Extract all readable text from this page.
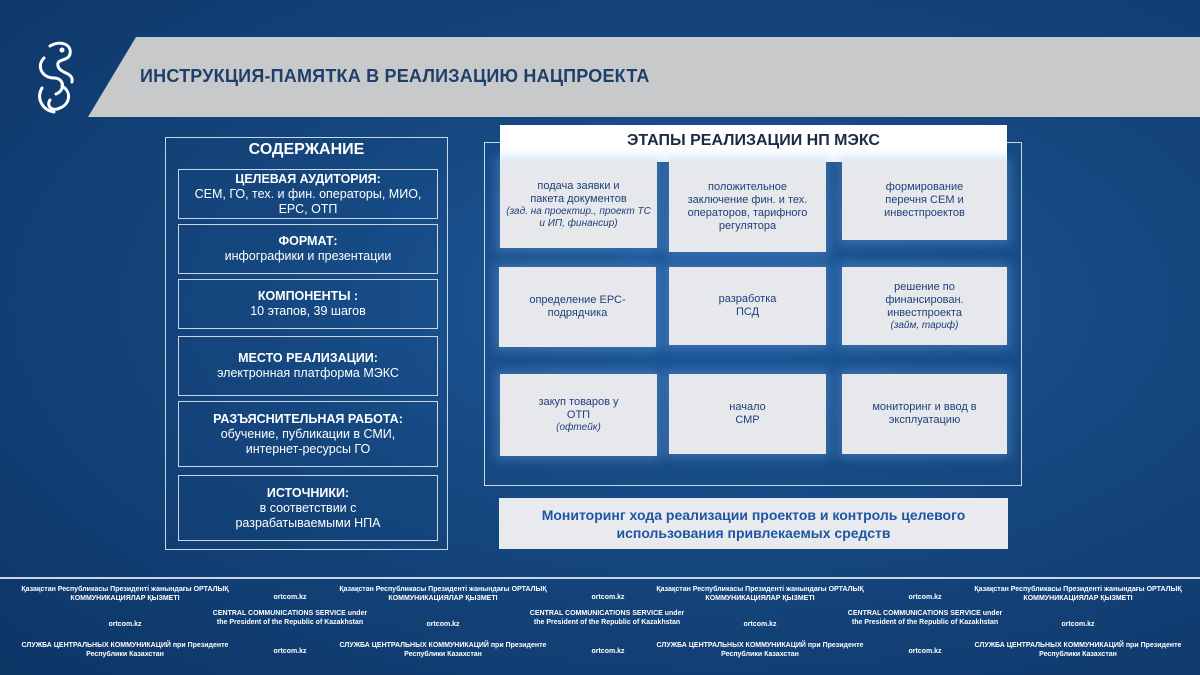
ИНСТРУКЦИЯ-ПАМЯТКА В РЕАЛИЗАЦИЮ НАЦПРОЕКТА
СОДЕРЖАНИЕ
ЦЕЛЕВАЯ АУДИТОРИЯ:
СЕМ, ГО, тех. и фин. операторы, МИО, ЕРС, ОТП
ФОРМАТ:
инфографики и презентации
КОМПОНЕНТЫ :
10 этапов, 39 шагов
МЕСТО РЕАЛИЗАЦИИ:
электронная платформа МЭКС
РАЗЪЯСНИТЕЛЬНАЯ РАБОТА:
обучение, публикации в СМИ, интернет-ресурсы ГО
ИСТОЧНИКИ:
в соответствии с разрабатываемыми НПА
ЭТАПЫ РЕАЛИЗАЦИИ НП МЭКС
подача заявки и пакета документов
(зад. на проектир., проект ТС и ИП, финансир)
положительное заключение фин. и тех. операторов, тарифного регулятора
формирование перечня СЕМ и инвестпроектов
определение ЕРС-подрядчика
разработка ПСД
решение по финансирован. инвестпроекта
(займ, тариф)
закуп товаров у ОТП
(офтейк)
начало СМР
мониторинг и ввод в эксплуатацию
Мониторинг хода реализации проектов и контроль целевого использования привлекаемых средств
Қазақстан Республикасы Президенті жанындағы ОРТАЛЫҚ КОММУНИКАЦИЯЛАР ҚЫЗМЕТІ
СЛУЖБА ЦЕНТРАЛЬНЫХ КОММУНИКАЦИЙ при Президенте Республики Казахстан
Қазақстан Республикасы Президенті жанындағы ОРТАЛЫҚ КОММУНИКАЦИЯЛАР ҚЫЗМЕТІ
СЛУЖБА ЦЕНТРАЛЬНЫХ КОММУНИКАЦИЙ при Президенте Республики Казахстан
Қазақстан Республикасы Президенті жанындағы ОРТАЛЫҚ КОММУНИКАЦИЯЛАР ҚЫЗМЕТІ
СЛУЖБА ЦЕНТРАЛЬНЫХ КОММУНИКАЦИЙ при Президенте Республики Казахстан
Қазақстан Республикасы Президенті жанындағы ОРТАЛЫҚ КОММУНИКАЦИЯЛАР ҚЫЗМЕТІ
СЛУЖБА ЦЕНТРАЛЬНЫХ КОММУНИКАЦИЙ при Президенте Республики Казахстан
ortcom.kz
ortcom.kz
ortcom.kz
ortcom.kz
ortcom.kz
ortcom.kz
ortcom.kz	ortcom.kz	ortcom.kz	ortcom.kz
CENTRAL COMMUNICATIONS SERVICE under the President of the Republic of Kazakhstan
CENTRAL COMMUNICATIONS SERVICE under the President of the Republic of Kazakhstan
CENTRAL COMMUNICATIONS SERVICE under the President of the Republic of Kazakhstan
